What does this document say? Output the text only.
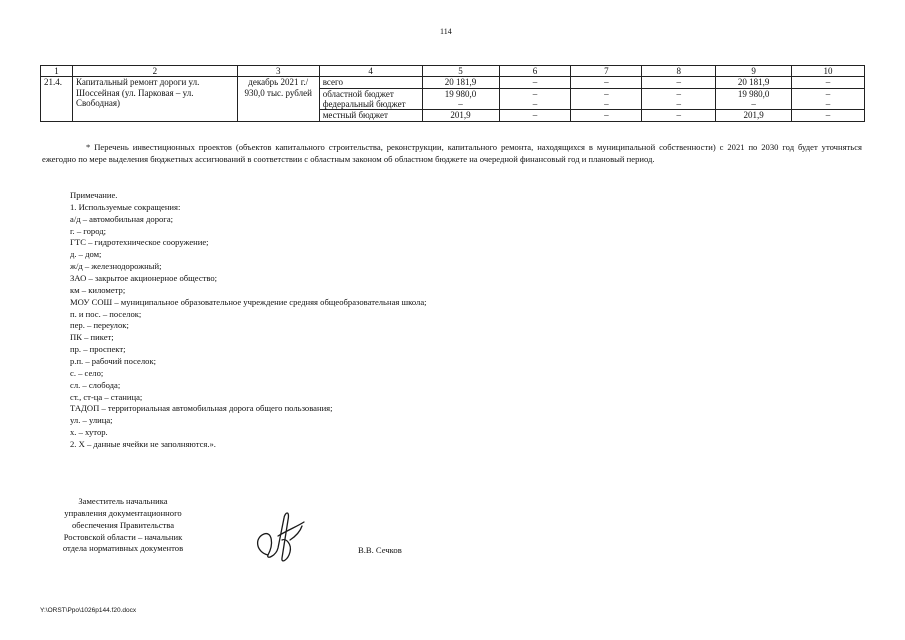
114
1	2	3	4	5	6	7	8	9	10
21.4.	Капитальный ремонт дороги ул. Шоссейная (ул. Парковая – ул. Свободная)	декабрь 2021 г./ 930,0 тыс. рублей	всего	20 181,9	–	–	–	20 181,9	–
			областной бюджет	19 980,0	–	–	–	19 980,0	–
			федеральный бюджет	–	–	–	–	–	–
			местный бюджет	201,9	–	–	–	201,9	–
* Перечень инвестиционных проектов (объектов капитального строительства, реконструкции, капитального ремонта, находящихся в муниципальной собственности) с 2021 по 2030 год будет уточняться ежегодно по мере выделения бюджетных ассигнований в соответствии с областным законом об областном бюджете на очередной финансовый год и плановый период.
Примечание.
1. Используемые сокращения:
а/д – автомобильная дорога;
г. – город;
ГТС – гидротехническое сооружение;
д. – дом;
ж/д – железнодорожный;
ЗАО – закрытое акционерное общество;
км – километр;
МОУ СОШ – муниципальное образовательное учреждение средняя общеобразовательная школа;
п. и пос. – поселок;
пер. – переулок;
ПК – пикет;
пр. – проспект;
р.п. – рабочий поселок;
с. – село;
сл. – слобода;
ст., ст-ца – станица;
ТАДОП – территориальная автомобильная дорога общего пользования;
ул. – улица;
х. – хутор.
2. Х – данные ячейки не заполняются.».
Заместитель начальника
управления документационного
обеспечения Правительства
Ростовской области – начальник
отдела нормативных документов	В.В. Сечков
Y:\ORST\Ppo\1026p144.f20.docx
